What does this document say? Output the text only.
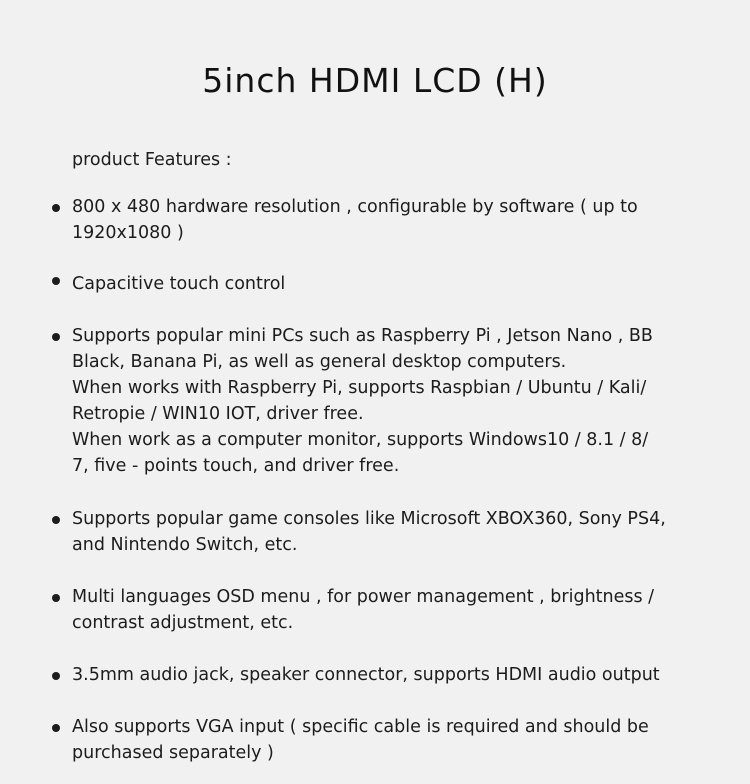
5inch HDMI LCD (H)
product Features :
800 x 480 hardware resolution , configurable by software ( up to
1920x1080 )
Capacitive touch control
Supports popular mini PCs such as Raspberry Pi , Jetson Nano , BB
Black, Banana Pi, as well as general desktop computers.
When works with Raspberry Pi, supports Raspbian / Ubuntu / Kali/
Retropie / WIN10 IOT, driver free.
When work as a computer monitor, supports Windows10 / 8.1 / 8/
7, five - points touch, and driver free.
Supports popular game consoles like Microsoft XBOX360, Sony PS4,
and Nintendo Switch, etc.
Multi languages OSD menu , for power management , brightness /
contrast adjustment, etc.
3.5mm audio jack, speaker connector, supports HDMI audio output
Also supports VGA input ( specific cable is required and should be
purchased separately )
